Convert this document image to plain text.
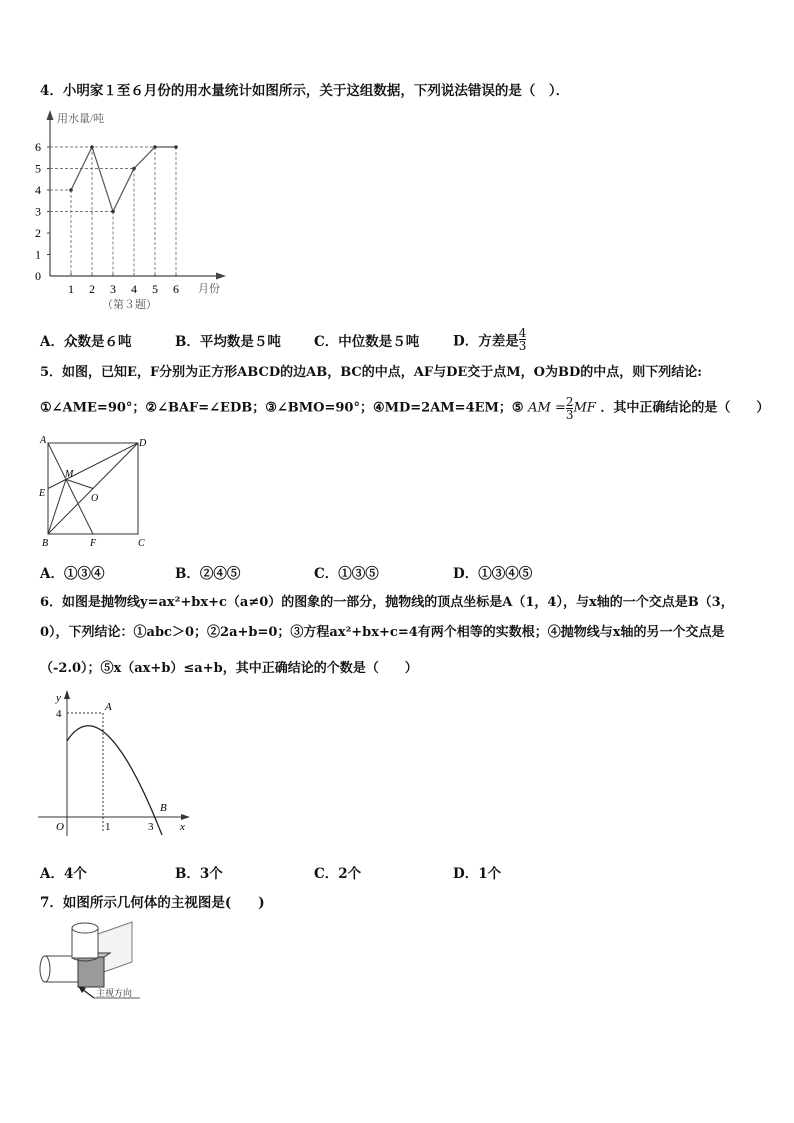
4．小明家１至６月份的用水量统计如图所示，关于这组数据，下列说法错误的是（　）．
用水量/吨
月份
（第３题）
0
1
2
3
4
5
6
1 2 3 4 5 6
A．众数是６吨	B．平均数是５吨 C．中位数是５吨	D．方差是 $\frac{4}{3}$
5．如图，已知E，F分别为正方形ABCD的边AB，BC的中点，AF与DE交于点M，O为BD的中点，则下列结论:
①∠AME=90°；②∠BAF=∠EDB；③∠BMO=90°；④MD=2AM=4EM；⑤ AM = $\frac{2}{3}$ MF ．其中正确结论的是（　　）
A	D
E
M
O
B	F	C
A．①③④	B．②④⑤	C．①③⑤	D．①③④⑤
6．如图是抛物线y=ax²+bx+c（a≠0）的图象的一部分，抛物线的顶点坐标是A（1，4），与x轴的一个交点是B（3，
0），下列结论：①abc＞0；②2a+b=0；③方程ax²+bx+c=4有两个相等的实数根；④抛物线与x轴的另一个交点是
（-2.0）；⑤x（ax+b）≤a+b，其中正确结论的个数是（　　）
y
4
A
B
O	1	3 x
A．4个	B．3个	C．2个	D．1个
7．如图所示几何体的主视图是(　　)
主视方向
